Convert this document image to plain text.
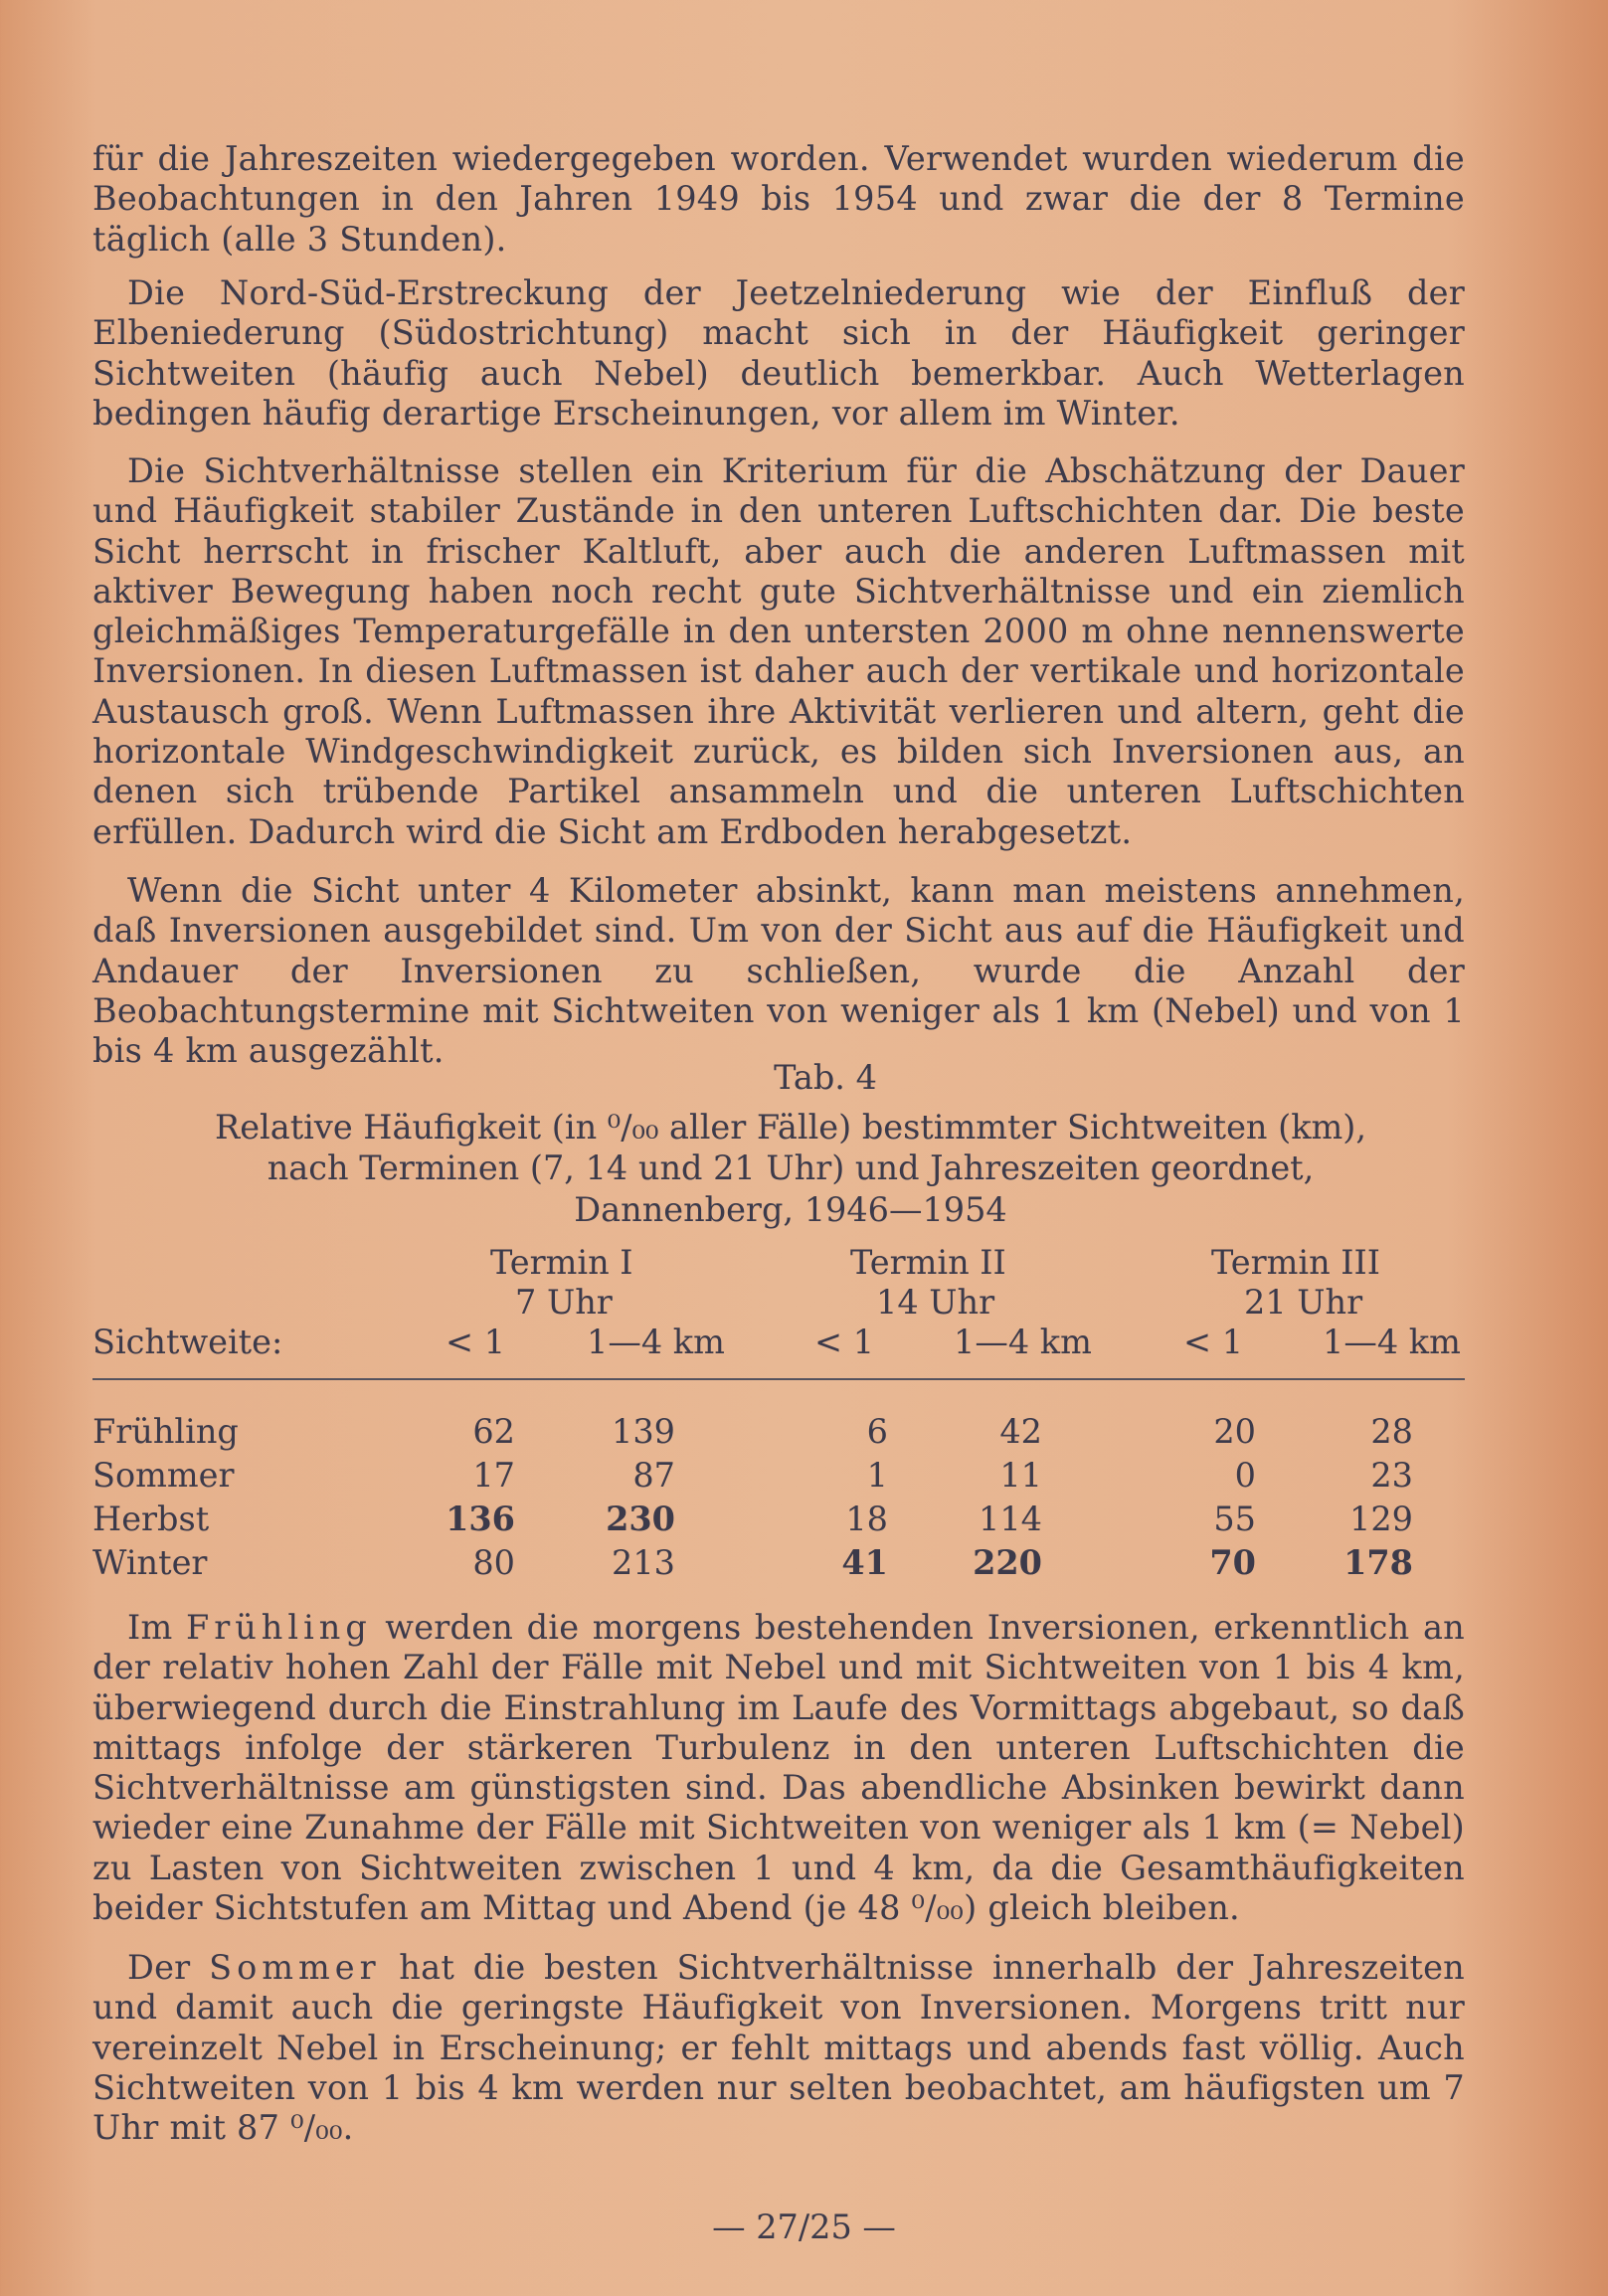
für die Jahreszeiten wiedergegeben worden. Verwendet wurden wiederum die Beobachtungen in den Jahren 1949 bis 1954 und zwar die der 8 Termine täglich (alle 3 Stunden).

Die Nord-Süd-Erstreckung der Jeetzelniederung wie der Einfluß der Elbeniederung (Südostrichtung) macht sich in der Häufigkeit geringer Sichtweiten (häufig auch Nebel) deutlich bemerkbar. Auch Wetterlagen bedingen häufig derartige Erscheinungen, vor allem im Winter.

Die Sichtverhältnisse stellen ein Kriterium für die Abschätzung der Dauer und Häufigkeit stabiler Zustände in den unteren Luftschichten dar. Die beste Sicht herrscht in frischer Kaltluft, aber auch die anderen Luftmassen mit aktiver Bewegung haben noch recht gute Sichtverhältnisse und ein ziemlich gleichmäßiges Temperaturgefälle in den untersten 2000 m ohne nennenswerte Inversionen. In diesen Luftmassen ist daher auch der vertikale und horizontale Austausch groß. Wenn Luftmassen ihre Aktivität verlieren und altern, geht die horizontale Windgeschwindigkeit zurück, es bilden sich Inversionen aus, an denen sich trübende Partikel ansammeln und die unteren Luftschichten erfüllen. Dadurch wird die Sicht am Erdboden herabgesetzt.

Wenn die Sicht unter 4 Kilometer absinkt, kann man meistens annehmen, daß Inversionen ausgebildet sind. Um von der Sicht aus auf die Häufigkeit und Andauer der Inversionen zu schließen, wurde die Anzahl der Beobachtungstermine mit Sichtweiten von weniger als 1 km (Nebel) und von 1 bis 4 km ausgezählt.

Tab. 4
Relative Häufigkeit (in ⁰/₀₀ aller Fälle) bestimmter Sichtweiten (km),
nach Terminen (7, 14 und 21 Uhr) und Jahreszeiten geordnet,
Dannenberg, 1946—1954
Termin I
7 Uhr
Termin II
14 Uhr
Termin III
21 Uhr
Sichtweite:	< 1 1—4 km	< 1 1—4 km	< 1 1—4 km
Frühling	62	139	6	42	20	28
Sommer	17	87	1	11	0	23
Herbst	136	230	18	114	55	129
Winter	80	213	41	220	70	178

Im Frühling werden die morgens bestehenden Inversionen, erkenntlich an der relativ hohen Zahl der Fälle mit Nebel und mit Sichtweiten von 1 bis 4 km, überwiegend durch die Einstrahlung im Laufe des Vormittags abgebaut, so daß mittags infolge der stärkeren Turbulenz in den unteren Luftschichten die Sichtverhältnisse am günstigsten sind. Das abendliche Absinken bewirkt dann wieder eine Zunahme der Fälle mit Sichtweiten von weniger als 1 km (= Nebel) zu Lasten von Sichtweiten zwischen 1 und 4 km, da die Gesamthäufigkeiten beider Sichtstufen am Mittag und Abend (je 48 ⁰/₀₀) gleich bleiben.

Der Sommer hat die besten Sichtverhältnisse innerhalb der Jahreszeiten und damit auch die geringste Häufigkeit von Inversionen. Morgens tritt nur vereinzelt Nebel in Erscheinung; er fehlt mittags und abends fast völlig. Auch Sichtweiten von 1 bis 4 km werden nur selten beobachtet, am häufigsten um 7 Uhr mit 87 ⁰/₀₀.

— 27/25 —
